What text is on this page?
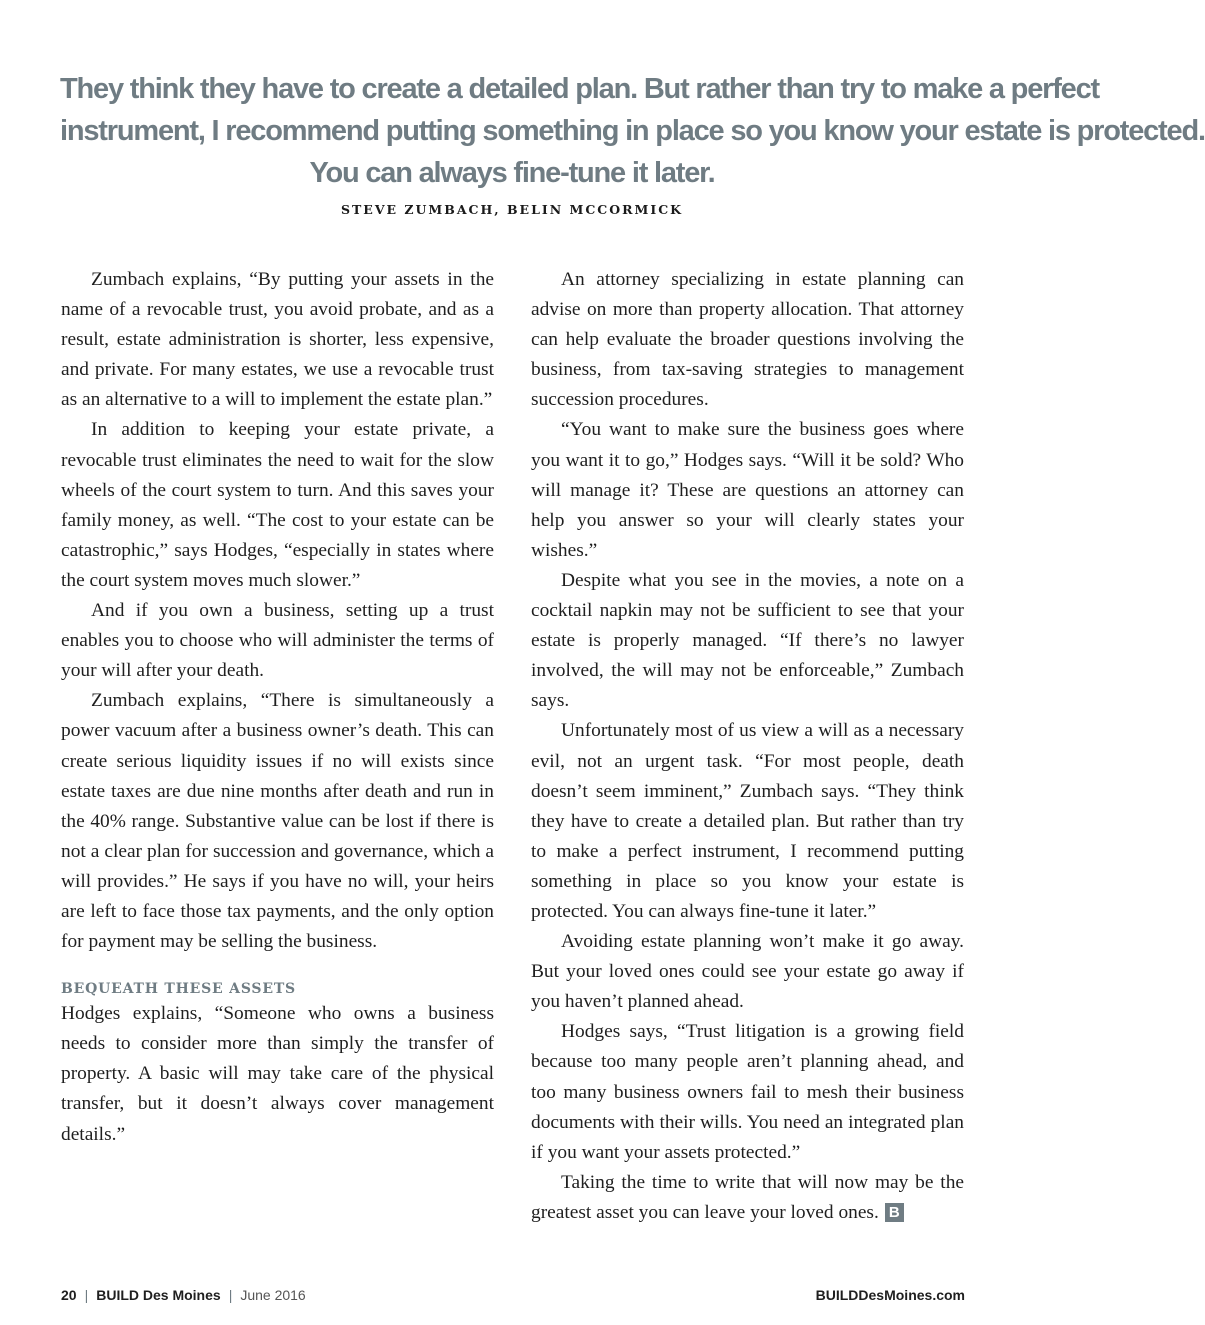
They think they have to create a detailed plan. But rather than try to make a perfect
instrument, I recommend putting something in place so you know your estate is protected.
You can always fine-tune it later.
STEVE ZUMBACH, BELIN MCCORMICK

Zumbach explains, “By putting your assets in the name of a revocable trust, you avoid probate, and as a result, estate administration is shorter, less expensive, and private. For many estates, we use a revocable trust as an alternative to a will to implement the estate plan.”

In addition to keeping your estate private, a revocable trust eliminates the need to wait for the slow wheels of the court system to turn. And this saves your family money, as well. “The cost to your estate can be catastrophic,” says Hodges, “especially in states where the court system moves much slower.”

And if you own a business, setting up a trust enables you to choose who will administer the terms of your will after your death.

Zumbach explains, “There is simultaneously a power vacuum after a business owner’s death. This can create serious liquidity issues if no will exists since estate taxes are due nine months after death and run in the 40% range. Substantive value can be lost if there is not a clear plan for succession and governance, which a will provides.” He says if you have no will, your heirs are left to face those tax payments, and the only option for payment may be selling the business.

BEQUEATH THESE ASSETS

Hodges explains, “Someone who owns a business needs to consider more than simply the transfer of property. A basic will may take care of the physical transfer, but it doesn’t always cover management details.”

An attorney specializing in estate planning can advise on more than property allocation. That attorney can help evaluate the broader questions involving the business, from tax-saving strategies to management succession procedures.

“You want to make sure the business goes where you want it to go,” Hodges says. “Will it be sold? Who will manage it? These are questions an attorney can help you answer so your will clearly states your wishes.”

Despite what you see in the movies, a note on a cocktail napkin may not be sufficient to see that your estate is properly managed. “If there’s no lawyer involved, the will may not be enforceable,” Zumbach says.

Unfortunately most of us view a will as a necessary evil, not an urgent task. “For most people, death doesn’t seem imminent,” Zumbach says. “They think they have to create a detailed plan. But rather than try to make a perfect instrument, I recommend putting something in place so you know your estate is protected. You can always fine-tune it later.”

Avoiding estate planning won’t make it go away. But your loved ones could see your estate go away if you haven’t planned ahead.

Hodges says, “Trust litigation is a growing field because too many people aren’t planning ahead, and too many business owners fail to mesh their business documents with their wills. You need an integrated plan if you want your assets protected.”

Taking the time to write that will now may be the greatest asset you can leave your loved ones. B

20 | BUILD Des Moines | June 2016	BUILDDesMoines.com
